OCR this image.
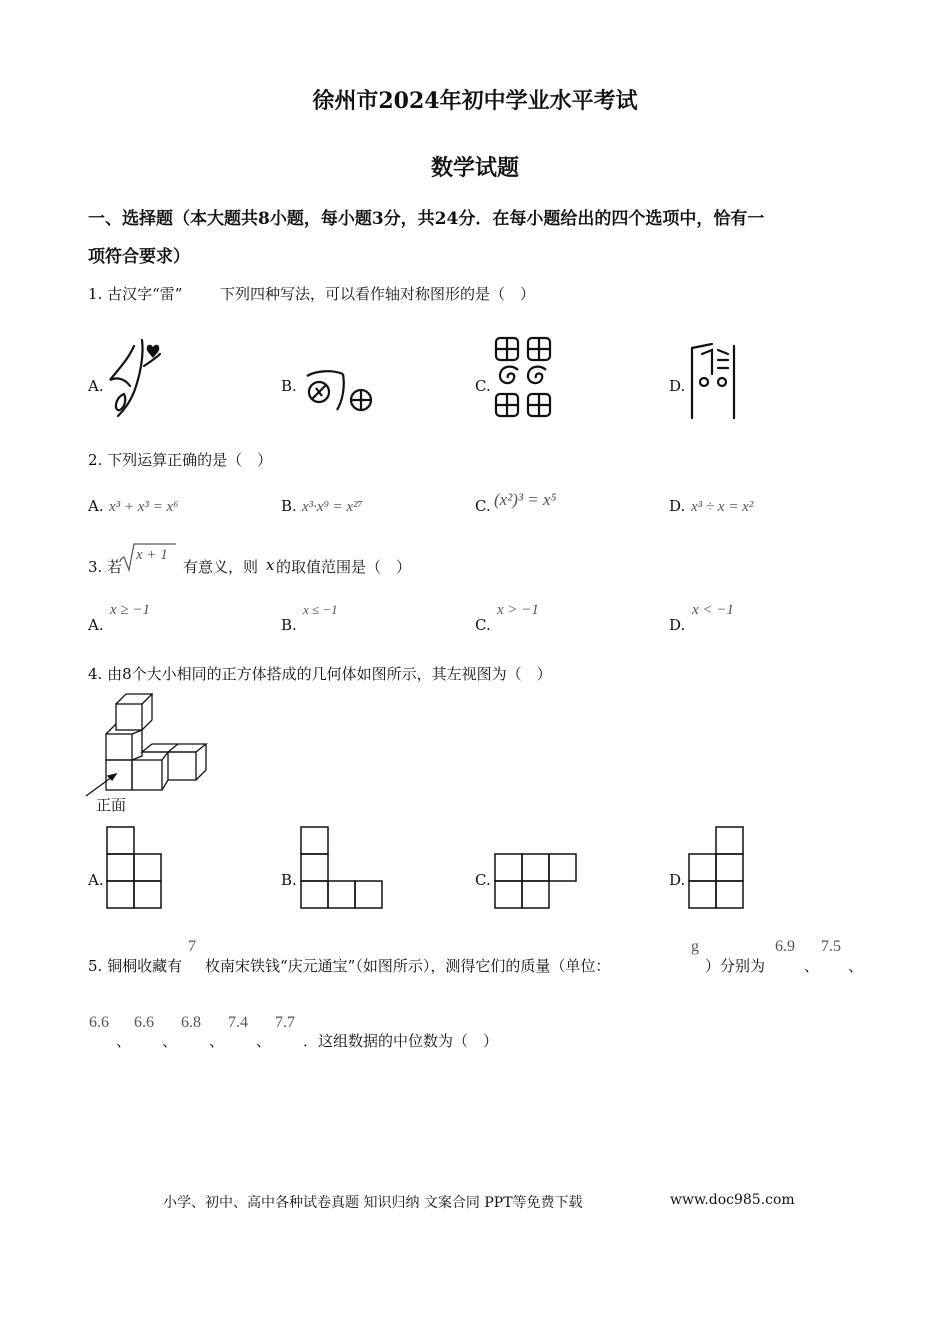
徐州市2024年初中学业水平考试
数学试题
一、选择题（本大题共8小题，每小题3分，共24分．在每小题给出的四个选项中，恰有一
项符合要求）
1. 古汉字“雷”	下列四种写法，可以看作轴对称图形的是（　）
A.	B.	C.	D.
2. 下列运算正确的是（　）
A. x³ + x³ = x⁶	B. x³·x⁹ = x²⁷	C. (x²)³ = x⁵	D. x³ ÷ x = x²
3. 若
x + 1
有意义，则 x 的取值范围是（　）
A.
x ≥ −1
B.
x ≤ −1
C.
x > −1
D.
x < −1
4. 由8个大小相同的正方体搭成的几何体如图所示，其左视图为（　）
正面
A.	B.	C.	D.
5. 铜桐收藏有
7
枚南宋铁钱“庆元通宝”（如图所示），测得它们的质量（单位：
g
）分别为
6.9
、
7.5
、
6.6
、
6.6
、
6.8
、
7.4
、
7.7
．这组数据的中位数为（　）
小学、初中、高中各种试卷真题 知识归纳 文案合同 PPT等免费下载	www.doc985.com
